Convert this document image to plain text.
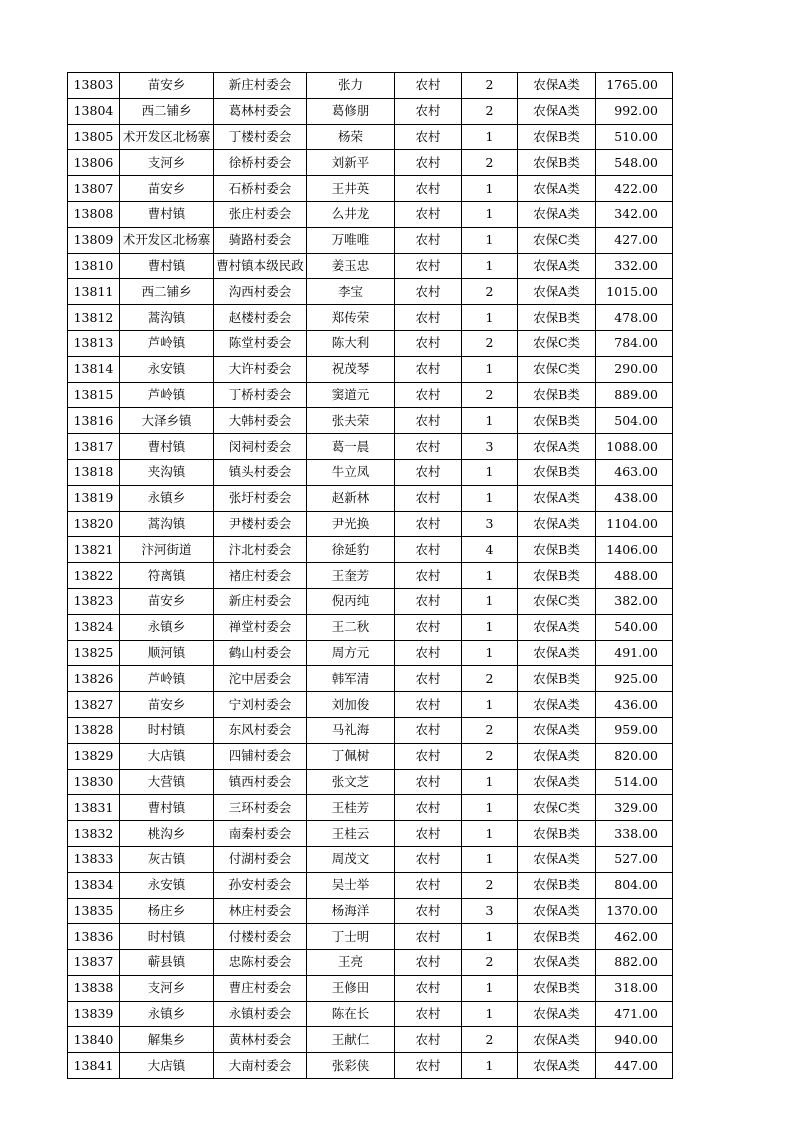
13803	苗安乡	新庄村委会	张力	农村	2	农保A类	1765.00
13804	西二铺乡	葛林村委会	葛修朋	农村	2	农保A类	992.00
13805	术开发区北杨寨	丁楼村委会	杨荣	农村	1	农保B类	510.00
13806	支河乡	徐桥村委会	刘新平	农村	2	农保B类	548.00
13807	苗安乡	石桥村委会	王井英	农村	1	农保A类	422.00
13808	曹村镇	张庄村委会	么井龙	农村	1	农保A类	342.00
13809	术开发区北杨寨	骑路村委会	万唯唯	农村	1	农保C类	427.00
13810	曹村镇	曹村镇本级民政	姜玉忠	农村	1	农保A类	332.00
13811	西二铺乡	沟西村委会	李宝	农村	2	农保A类	1015.00
13812	蒿沟镇	赵楼村委会	郑传荣	农村	1	农保B类	478.00
13813	芦岭镇	陈堂村委会	陈大利	农村	2	农保C类	784.00
13814	永安镇	大许村委会	祝茂琴	农村	1	农保C类	290.00
13815	芦岭镇	丁桥村委会	窦道元	农村	2	农保B类	889.00
13816	大泽乡镇	大韩村委会	张夫荣	农村	1	农保B类	504.00
13817	曹村镇	闵祠村委会	葛一晨	农村	3	农保A类	1088.00
13818	夹沟镇	镇头村委会	牛立凤	农村	1	农保B类	463.00
13819	永镇乡	张圩村委会	赵新林	农村	1	农保A类	438.00
13820	蒿沟镇	尹楼村委会	尹光换	农村	3	农保A类	1104.00
13821	汴河街道	汴北村委会	徐延豹	农村	4	农保B类	1406.00
13822	符离镇	褚庄村委会	王奎芳	农村	1	农保B类	488.00
13823	苗安乡	新庄村委会	倪丙纯	农村	1	农保C类	382.00
13824	永镇乡	禅堂村委会	王二秋	农村	1	农保A类	540.00
13825	顺河镇	鹤山村委会	周方元	农村	1	农保A类	491.00
13826	芦岭镇	沱中居委会	韩军清	农村	2	农保B类	925.00
13827	苗安乡	宁刘村委会	刘加俊	农村	1	农保A类	436.00
13828	时村镇	东风村委会	马礼海	农村	2	农保A类	959.00
13829	大店镇	四铺村委会	丁佩树	农村	2	农保A类	820.00
13830	大营镇	镇西村委会	张文芝	农村	1	农保A类	514.00
13831	曹村镇	三环村委会	王桂芳	农村	1	农保C类	329.00
13832	桃沟乡	南秦村委会	王桂云	农村	1	农保B类	338.00
13833	灰古镇	付湖村委会	周茂文	农村	1	农保A类	527.00
13834	永安镇	孙安村委会	吴士举	农村	2	农保B类	804.00
13835	杨庄乡	林庄村委会	杨海洋	农村	3	农保A类	1370.00
13836	时村镇	付楼村委会	丁士明	农村	1	农保B类	462.00
13837	蕲县镇	忠陈村委会	王亮	农村	2	农保A类	882.00
13838	支河乡	曹庄村委会	王修田	农村	1	农保B类	318.00
13839	永镇乡	永镇村委会	陈在长	农村	1	农保A类	471.00
13840	解集乡	黄林村委会	王献仁	农村	2	农保A类	940.00
13841	大店镇	大南村委会	张彩侠	农村	1	农保A类	447.00
